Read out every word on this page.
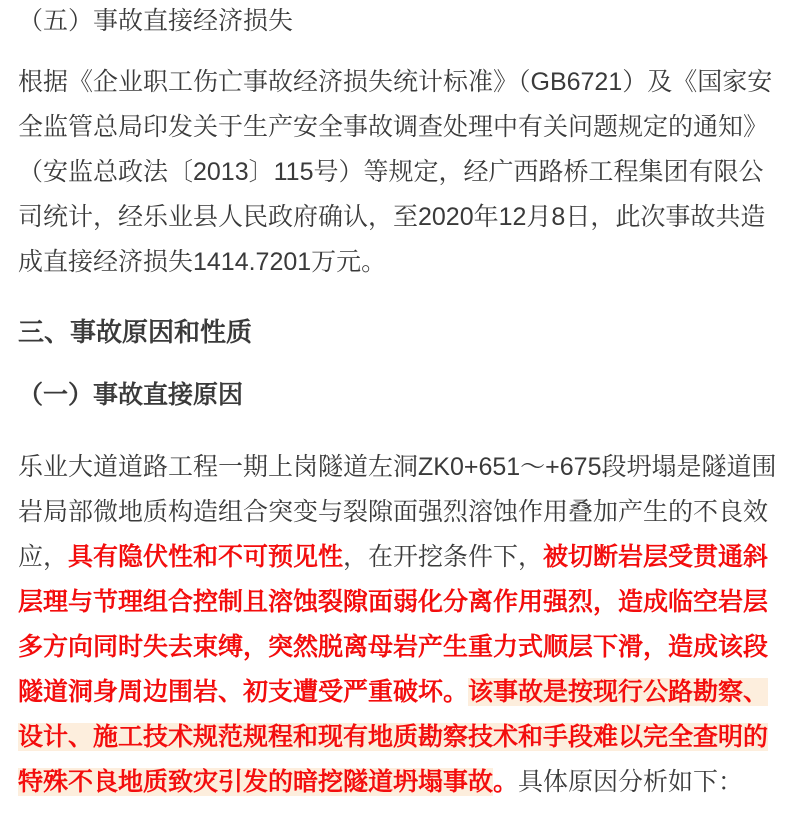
（五）事故直接经济损失

根据《企业职工伤亡事故经济损失统计标准》（GB6721）及《国家安全监管总局印发关于生产安全事故调查处理中有关问题规定的通知》（安监总政法〔2013〕115号）等规定，经广西路桥工程集团有限公司统计，经乐业县人民政府确认，至2020年12月8日，此次事故共造成直接经济损失1414.7201万元。

三、事故原因和性质
（一）事故直接原因

乐业大道道路工程一期上岗隧道左洞ZK0+651～+675段坍塌是隧道围岩局部微地质构造组合突变与裂隙面强烈溶蚀作用叠加产生的不良效应，具有隐伏性和不可预见性，在开挖条件下，被切断岩层受贯通斜层理与节理组合控制且溶蚀裂隙面弱化分离作用强烈，造成临空岩层多方向同时失去束缚，突然脱离母岩产生重力式顺层下滑，造成该段隧道洞身周边围岩、初支遭受严重破坏。该事故是按现行公路勘察、设计、施工技术规范规程和现有地质勘察技术和手段难以完全查明的特殊不良地质致灾引发的暗挖隧道坍塌事故。具体原因分析如下：
